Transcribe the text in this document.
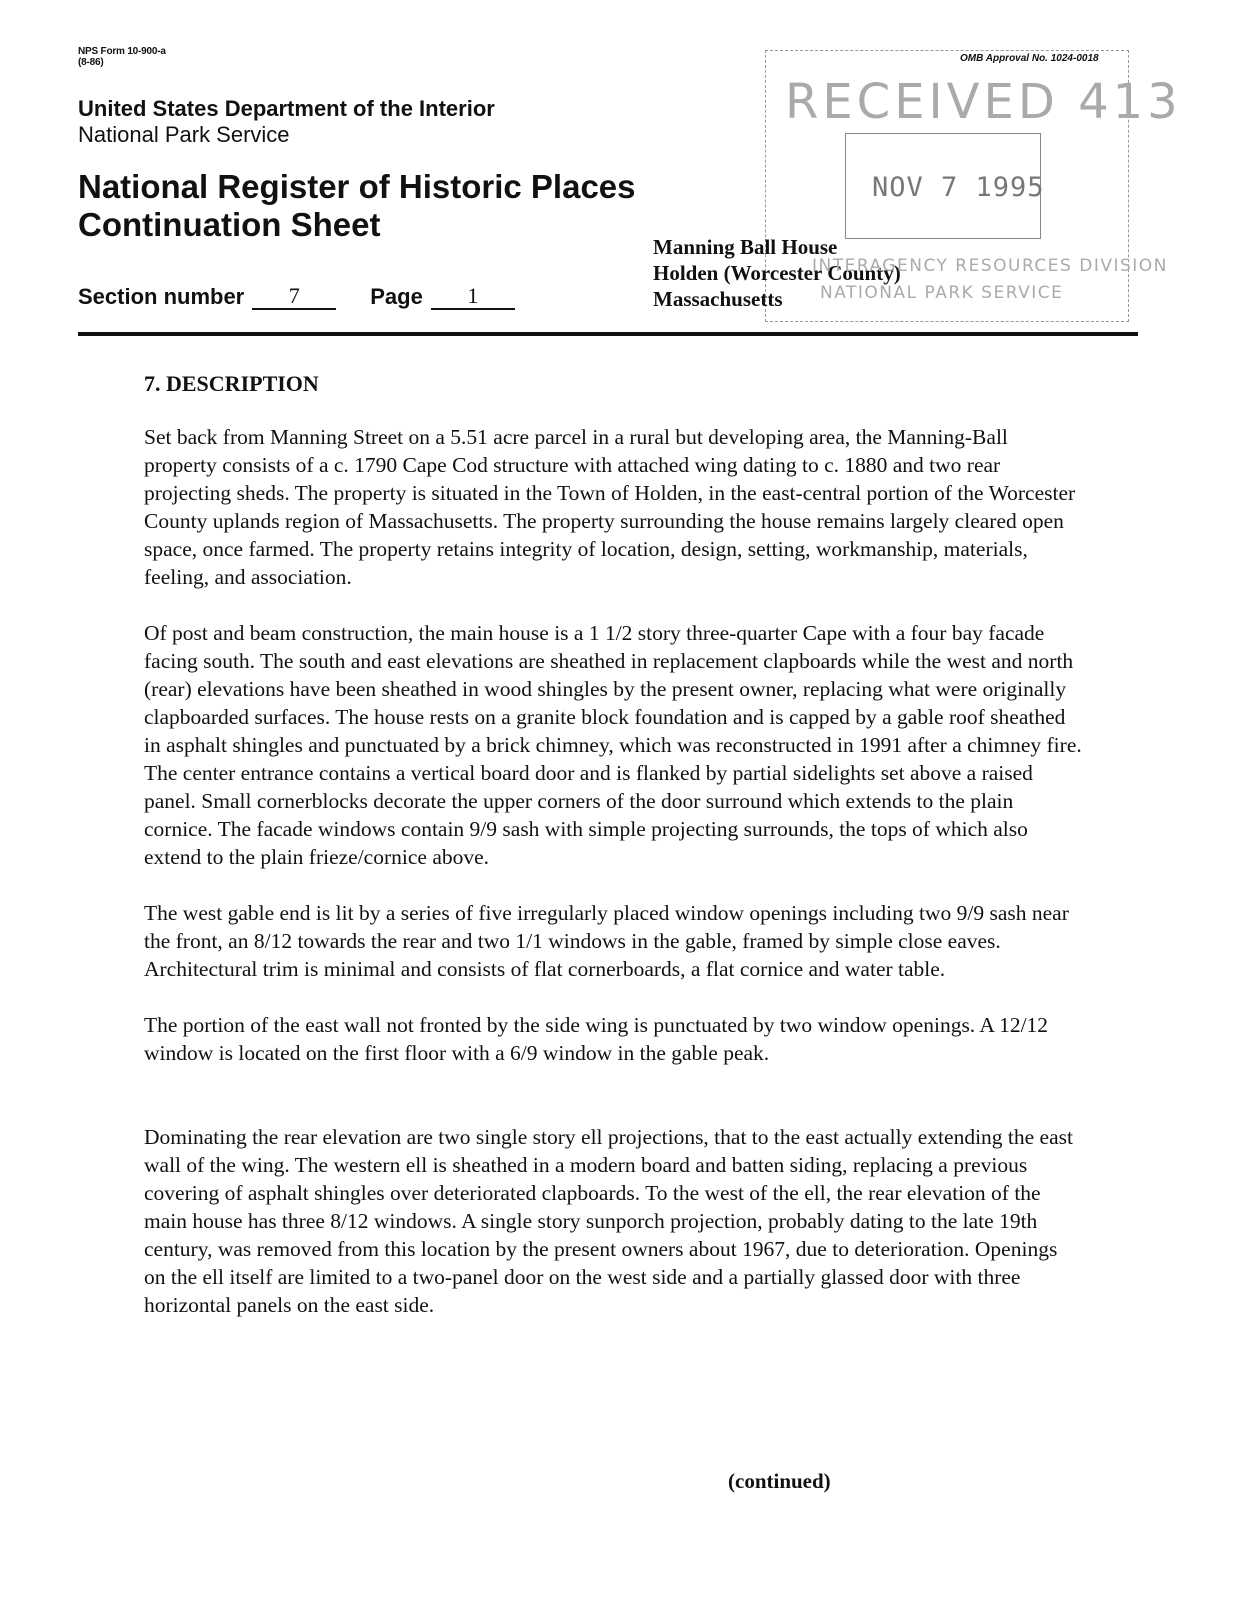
NPS Form 10-900-a
(8-86)	OMB Approval No. 1024-0018
RECEIVED 413
NOV 7 1995
United States Department of the Interior
National Park Service
National Register of Historic Places
Continuation Sheet
Section number	7	Page	1
Manning Ball House
Holden (Worcester County)
Massachusetts
INTERAGENCY RESOURCES DIVISION
NATIONAL PARK SERVICE
7. DESCRIPTION

Set back from Manning Street on a 5.51 acre parcel in a rural but developing area, the Manning-Ball property consists of a c. 1790 Cape Cod structure with attached wing dating to c. 1880 and two rear projecting sheds. The property is situated in the Town of Holden, in the east-central portion of the Worcester County uplands region of Massachusetts. The property surrounding the house remains largely cleared open space, once farmed. The property retains integrity of location, design, setting, workmanship, materials, feeling, and association.

Of post and beam construction, the main house is a 1 1/2 story three-quarter Cape with a four bay facade facing south. The south and east elevations are sheathed in replacement clapboards while the west and north (rear) elevations have been sheathed in wood shingles by the present owner, replacing what were originally clapboarded surfaces. The house rests on a granite block foundation and is capped by a gable roof sheathed in asphalt shingles and punctuated by a brick chimney, which was reconstructed in 1991 after a chimney fire. The center entrance contains a vertical board door and is flanked by partial sidelights set above a raised panel. Small cornerblocks decorate the upper corners of the door surround which extends to the plain cornice. The facade windows contain 9/9 sash with simple projecting surrounds, the tops of which also extend to the plain frieze/cornice above.

The west gable end is lit by a series of five irregularly placed window openings including two 9/9 sash near the front, an 8/12 towards the rear and two 1/1 windows in the gable, framed by simple close eaves. Architectural trim is minimal and consists of flat cornerboards, a flat cornice and water table.

The portion of the east wall not fronted by the side wing is punctuated by two window openings. A 12/12 window is located on the first floor with a 6/9 window in the gable peak.

Dominating the rear elevation are two single story ell projections, that to the east actually extending the east wall of the wing. The western ell is sheathed in a modern board and batten siding, replacing a previous covering of asphalt shingles over deteriorated clapboards. To the west of the ell, the rear elevation of the main house has three 8/12 windows. A single story sunporch projection, probably dating to the late 19th century, was removed from this location by the present owners about 1967, due to deterioration. Openings on the ell itself are limited to a two-panel door on the west side and a partially glassed door with three horizontal panels on the east side.

(continued)
